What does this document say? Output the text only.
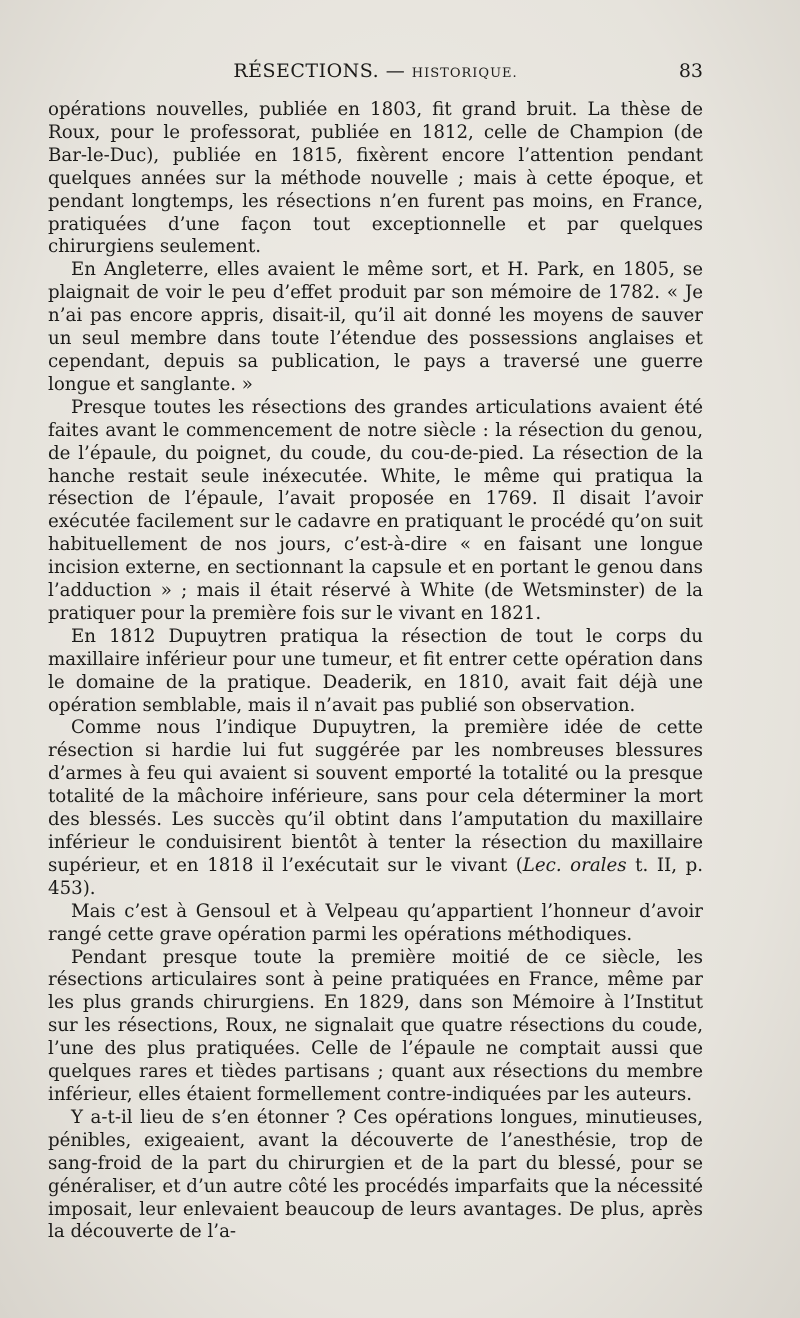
RÉSECTIONS. — HISTORIQUE.	83

opérations nouvelles, publiée en 1803, fit grand bruit. La thèse de Roux, pour le professorat, publiée en 1812, celle de Champion (de Bar-le-Duc), publiée en 1815, fixèrent encore l’attention pendant quelques années sur la méthode nouvelle ; mais à cette époque, et pendant longtemps, les résections n’en furent pas moins, en France, pratiquées d’une façon tout exceptionnelle et par quelques chirurgiens seulement.

En Angleterre, elles avaient le même sort, et H. Park, en 1805, se plaignait de voir le peu d’effet produit par son mémoire de 1782. « Je n’ai pas encore appris, disait-il, qu’il ait donné les moyens de sauver un seul membre dans toute l’étendue des possessions anglaises et cependant, depuis sa publication, le pays a traversé une guerre longue et sanglante. »

Presque toutes les résections des grandes articulations avaient été faites avant le commencement de notre siècle : la résection du genou, de l’épaule, du poignet, du coude, du cou-de-pied. La résection de la hanche restait seule inéxecutée. White, le même qui pratiqua la résection de l’épaule, l’avait proposée en 1769. Il disait l’avoir exécutée facilement sur le cadavre en pratiquant le procédé qu’on suit habituellement de nos jours, c’est-à-dire « en faisant une longue incision externe, en sectionnant la capsule et en portant le genou dans l’adduction » ; mais il était réservé à White (de Wetsminster) de la pratiquer pour la première fois sur le vivant en 1821.

En 1812 Dupuytren pratiqua la résection de tout le corps du maxillaire inférieur pour une tumeur, et fit entrer cette opération dans le domaine de la pratique. Deaderik, en 1810, avait fait déjà une opération semblable, mais il n’avait pas publié son observation.

Comme nous l’indique Dupuytren, la première idée de cette résection si hardie lui fut suggérée par les nombreuses blessures d’armes à feu qui avaient si souvent emporté la totalité ou la presque totalité de la mâchoire inférieure, sans pour cela déterminer la mort des blessés. Les succès qu’il obtint dans l’amputation du maxillaire inférieur le conduisirent bientôt à tenter la résection du maxillaire supérieur, et en 1818 il l’exécutait sur le vivant (Lec. orales t. II, p. 453).

Mais c’est à Gensoul et à Velpeau qu’appartient l’honneur d’avoir rangé cette grave opération parmi les opérations méthodiques.

Pendant presque toute la première moitié de ce siècle, les résections articulaires sont à peine pratiquées en France, même par les plus grands chirurgiens. En 1829, dans son Mémoire à l’Institut sur les résections, Roux, ne signalait que quatre résections du coude, l’une des plus pratiquées. Celle de l’épaule ne comptait aussi que quelques rares et tièdes partisans ; quant aux résections du membre inférieur, elles étaient formellement contre-indiquées par les auteurs.

Y a-t-il lieu de s’en étonner ? Ces opérations longues, minutieuses, pénibles, exigeaient, avant la découverte de l’anesthésie, trop de sang-froid de la part du chirurgien et de la part du blessé, pour se généraliser, et d’un autre côté les procédés imparfaits que la nécessité imposait, leur enlevaient beaucoup de leurs avantages. De plus, après la découverte de l’a-
